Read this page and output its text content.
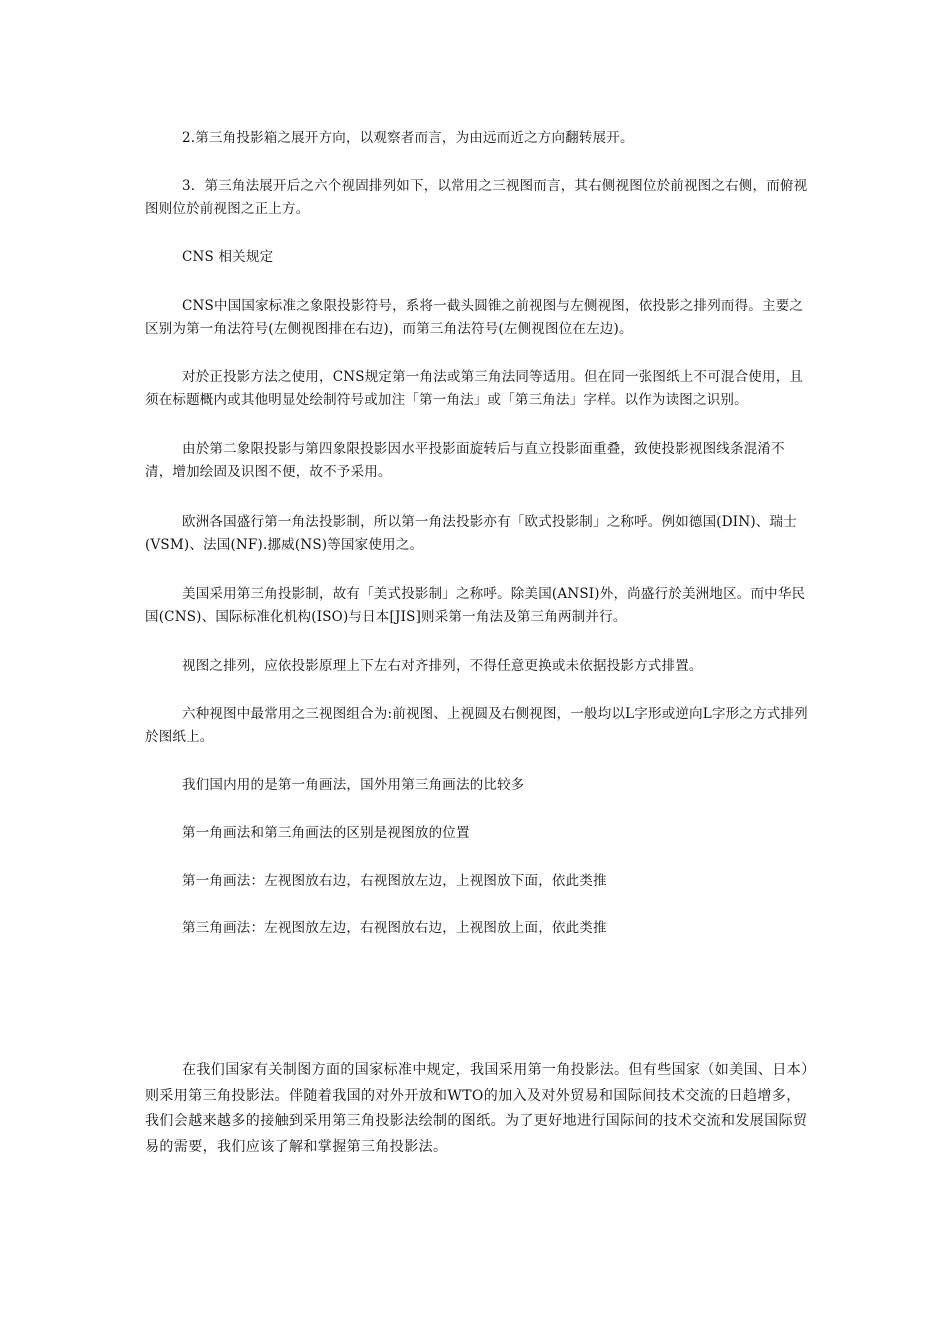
2.第三角投影箱之展开方向，以观察者而言，为由远而近之方向翻转展开。

3．第三角法展开后之六个视固排列如下，以常用之三视图而言，其右侧视图位於前视图之右侧，而俯视图则位於前视图之正上方。

CNS 相关规定

CNS中国国家标准之象限投影符号，系将一截头圆锥之前视图与左侧视图，依投影之排列而得。主要之区别为第一角法符号(左侧视图排在右边)，而第三角法符号(左侧视图位在左边)。

对於正投影方法之使用，CNS规定第一角法或第三角法同等适用。但在同一张图纸上不可混合使用，且须在标题概内或其他明显处绘制符号或加注「第一角法」或「第三角法」字样。以作为读图之识别。

由於第二象限投影与第四象限投影因水平投影面旋转后与直立投影面重叠，致使投影视图线条混淆不清，增加绘固及识图不便，故不予采用。

欧洲各国盛行第一角法投影制，所以第一角法投影亦有「欧式投影制」之称呼。例如德国(DIN)、瑞士(VSM)、法国(NF).挪威(NS)等国家使用之。

美国采用第三角投影制，故有「美式投影制」之称呼。除美国(ANSI)外，尚盛行於美洲地区。而中华民国(CNS)、国际标准化机构(ISO)与日本[JIS]则采第一角法及第三角两制并行。

视图之排列，应依投影原理上下左右对齐排列，不得任意更换或未依据投影方式排置。

六种视图中最常用之三视图组合为:前视图、上视圆及右侧视图，一般均以L字形或逆向L字形之方式排列於图纸上。

我们国内用的是第一角画法，国外用第三角画法的比较多

第一角画法和第三角画法的区别是视图放的位置

第一角画法：左视图放右边，右视图放左边，上视图放下面，依此类推

第三角画法：左视图放左边，右视图放右边，上视图放上面，依此类推

在我们国家有关制图方面的国家标准中规定，我国采用第一角投影法。但有些国家（如美国、日本）则采用第三角投影法。伴随着我国的对外开放和WTO的加入及对外贸易和国际间技术交流的日趋增多，我们会越来越多的接触到采用第三角投影法绘制的图纸。为了更好地进行国际间的技术交流和发展国际贸易的需要，我们应该了解和掌握第三角投影法。
